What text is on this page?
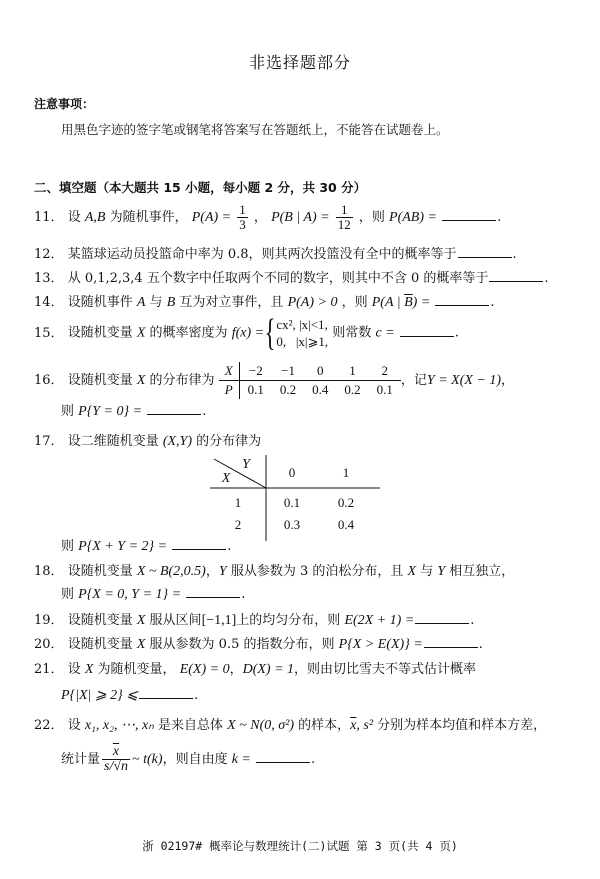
非选择题部分
注意事项：
用黑色字迹的签字笔或钢笔将答案写在答题纸上，不能答在试题卷上。
二、填空题（本大题共 15 小题，每小题 2 分，共 30 分）
11． 设 A,B 为随机事件， $P(A) = \frac{1}{3}$ ， P(B | $A) = \frac{1}{12}$ ，则 P(AB) =	.
12． 某篮球运动员投篮命中率为 0.8，则其两次投篮没有全中的概率等于	.
13． 从 0,1,2,3,4 五个数字中任取两个不同的数字，则其中不含 0 的概率等于	.
14． 设随机事件 A 与 B 互为对立事件，且 P(A) > 0 ，则 P(A | $\overline{B}$) =	.
15． 设随机变量 X 的概率密度为 f(x) ={ cx², |x|<1,
0,   |x|⩾1,
则常数 c =	.
16． 设随机变量 X 的分布律为 X	−2	−1	0	1	2
P	0.1	0.2	0.4	0.2	0.1，记Y = X(X − 1)，
则 P{Y = 0} =	.
17． 设二维随机变量 (X,Y) 的分布律为
Y
X	0	1
1	0.1	0.2
2	0.3	0.4
则 P{X + Y = 2} =	.
18． 设随机变量 X ~ B(2,0.5)，Y 服从参数为 3 的泊松分布，且 X 与 Y 相互独立，
则 P{X = 0, Y = 1} =	.
19． 设随机变量 X 服从区间[−1,1]上的均匀分布，则 E(2X + 1) =	.
20． 设随机变量 X 服从参数为 0.5 的指数分布，则 P{X > E(X)} =	.
21． 设 X 为随机变量， E(X) = 0，D(X) = 1，则由切比雪夫不等式估计概率
P{|X| ⩾ 2} ⩽	.
22． 设 x₁, x₂, ⋯, xₙ 是来自总体 X ~ N(0, σ²) 的样本，$\overline{x}$, s² 分别为样本均值和样本方差，
统计量 $\frac{\overline{x}}{s/√n}$ ~ t(k)，则自由度 k =	.
浙 02197# 概率论与数理统计(二)试题 第 3 页(共 4 页)
